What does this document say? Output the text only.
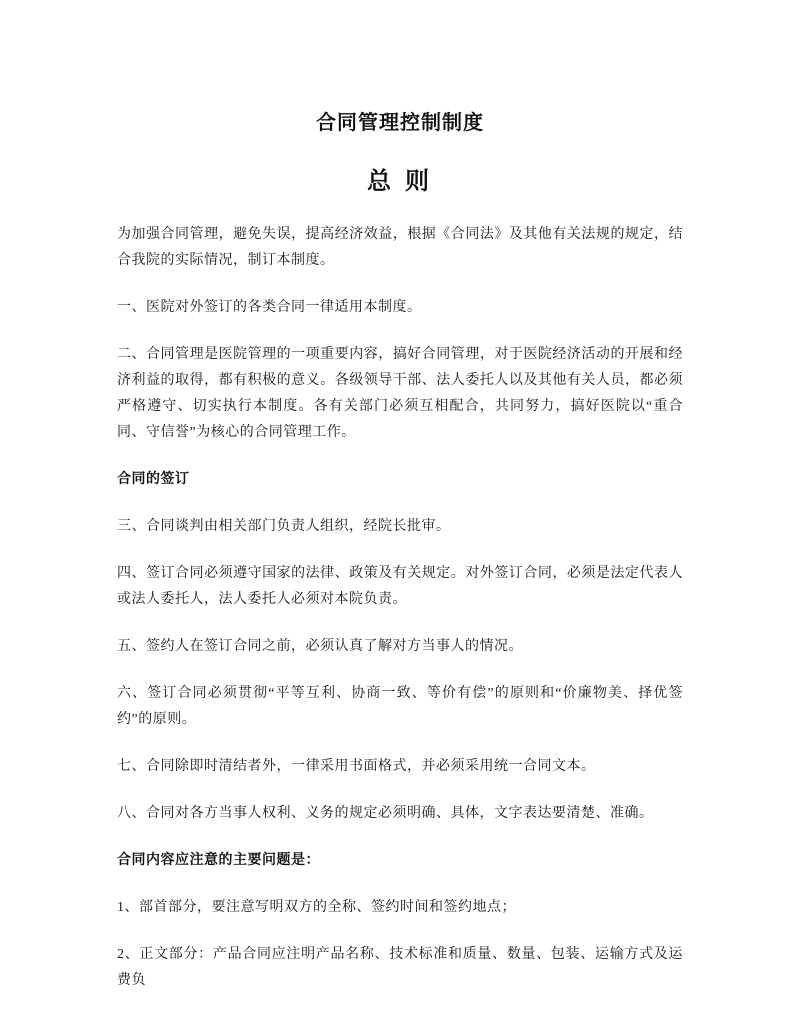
合同管理控制制度
总 则

为加强合同管理，避免失误，提高经济效益，根据《合同法》及其他有关法规的规定，结合我院的实际情况，制订本制度。

一、医院对外签订的各类合同一律适用本制度。

二、合同管理是医院管理的一项重要内容，搞好合同管理，对于医院经济活动的开展和经济利益的取得，都有积极的意义。各级领导干部、法人委托人以及其他有关人员，都必须严格遵守、切实执行本制度。各有关部门必须互相配合，共同努力，搞好医院以“重合同、守信誉”为核心的合同管理工作。

合同的签订

三、合同谈判由相关部门负责人组织，经院长批审。

四、签订合同必须遵守国家的法律、政策及有关规定。对外签订合同，必须是法定代表人或法人委托人，法人委托人必须对本院负责。

五、签约人在签订合同之前，必须认真了解对方当事人的情况。

六、签订合同必须贯彻“平等互利、协商一致、等价有偿”的原则和“价廉物美、择优签约”的原则。

七、合同除即时清结者外，一律采用书面格式，并必须采用统一合同文本。

八、合同对各方当事人权利、义务的规定必须明确、具体，文字表达要清楚、准确。

合同内容应注意的主要问题是：

1、部首部分，要注意写明双方的全称、签约时间和签约地点；

2、正文部分：产品合同应注明产品名称、技术标准和质量、数量、包装、运输方式及运费负
